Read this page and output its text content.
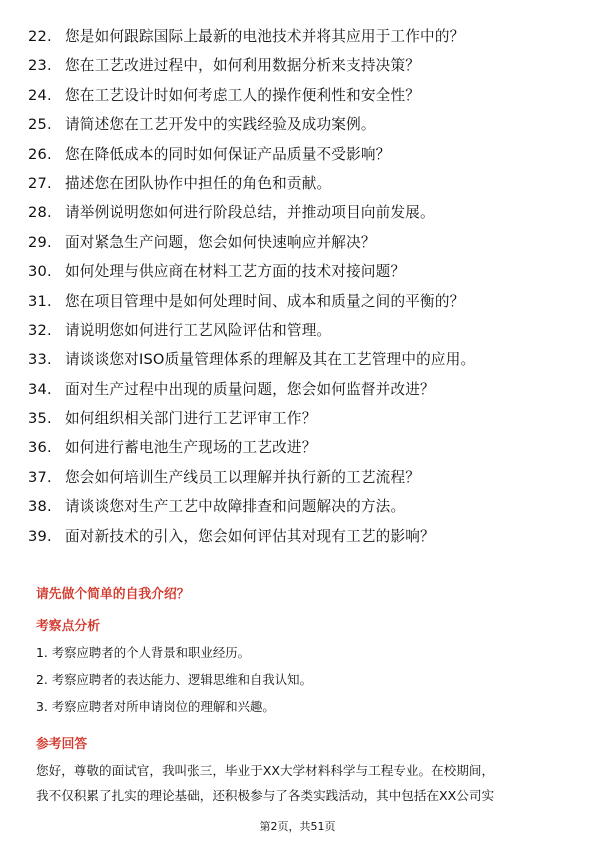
22. 您是如何跟踪国际上最新的电池技术并将其应用于工作中的？
23. 您在工艺改进过程中，如何利用数据分析来支持决策？
24. 您在工艺设计时如何考虑工人的操作便利性和安全性？
25. 请简述您在工艺开发中的实践经验及成功案例。
26. 您在降低成本的同时如何保证产品质量不受影响？
27. 描述您在团队协作中担任的角色和贡献。
28. 请举例说明您如何进行阶段总结，并推动项目向前发展。
29. 面对紧急生产问题，您会如何快速响应并解决？
30. 如何处理与供应商在材料工艺方面的技术对接问题？
31. 您在项目管理中是如何处理时间、成本和质量之间的平衡的？
32. 请说明您如何进行工艺风险评估和管理。
33. 请谈谈您对ISO质量管理体系的理解及其在工艺管理中的应用。
34. 面对生产过程中出现的质量问题，您会如何监督并改进？
35. 如何组织相关部门进行工艺评审工作？
36. 如何进行蓄电池生产现场的工艺改进？
37. 您会如何培训生产线员工以理解并执行新的工艺流程？
38. 请谈谈您对生产工艺中故障排查和问题解决的方法。
39. 面对新技术的引入，您会如何评估其对现有工艺的影响？
请先做个简单的自我介绍？
考察点分析
1. 考察应聘者的个人背景和职业经历。
2. 考察应聘者的表达能力、逻辑思维和自我认知。
3. 考察应聘者对所申请岗位的理解和兴趣。
参考回答
您好，尊敬的面试官，我叫张三，毕业于XX大学材料科学与工程专业。在校期间，
我不仅积累了扎实的理论基础，还积极参与了各类实践活动，其中包括在XX公司实
第2页，共51页
